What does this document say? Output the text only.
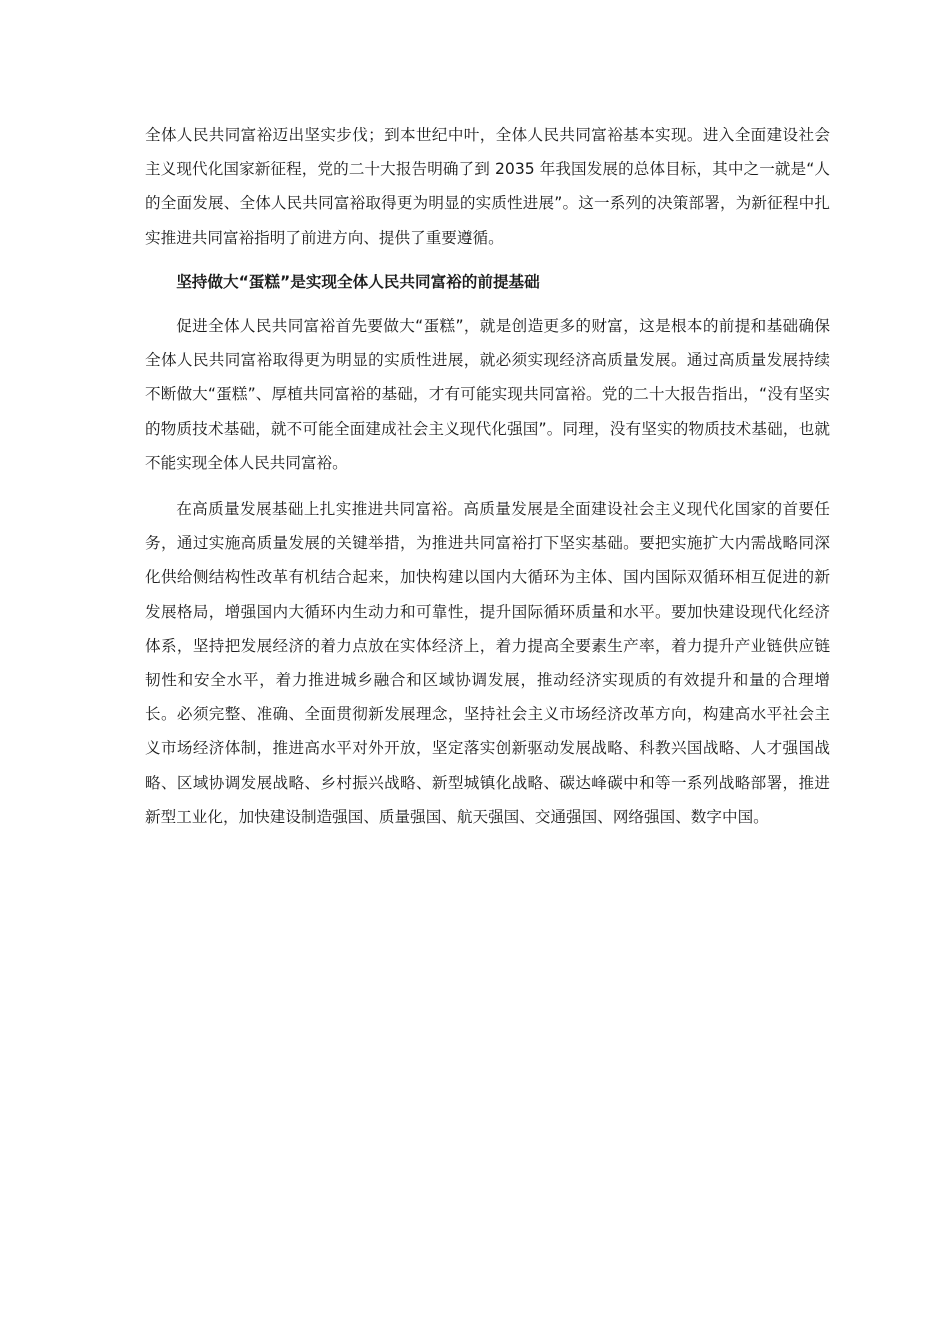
全体人民共同富裕迈出坚实步伐；到本世纪中叶，全体人民共同富裕基本实现。进入全面建设社会主义现代化国家新征程，党的二十大报告明确了到 2035 年我国发展的总体目标，其中之一就是“人的全面发展、全体人民共同富裕取得更为明显的实质性进展”。这一系列的决策部署，为新征程中扎实推进共同富裕指明了前进方向、提供了重要遵循。

坚持做大“蛋糕”是实现全体人民共同富裕的前提基础

促进全体人民共同富裕首先要做大“蛋糕”，就是创造更多的财富，这是根本的前提和基础确保全体人民共同富裕取得更为明显的实质性进展，就必须实现经济高质量发展。通过高质量发展持续不断做大“蛋糕”、厚植共同富裕的基础，才有可能实现共同富裕。党的二十大报告指出，“没有坚实的物质技术基础，就不可能全面建成社会主义现代化强国”。同理，没有坚实的物质技术基础，也就不能实现全体人民共同富裕。

在高质量发展基础上扎实推进共同富裕。高质量发展是全面建设社会主义现代化国家的首要任务，通过实施高质量发展的关键举措，为推进共同富裕打下坚实基础。要把实施扩大内需战略同深化供给侧结构性改革有机结合起来，加快构建以国内大循环为主体、国内国际双循环相互促进的新发展格局，增强国内大循环内生动力和可靠性，提升国际循环质量和水平。要加快建设现代化经济体系，坚持把发展经济的着力点放在实体经济上，着力提高全要素生产率，着力提升产业链供应链韧性和安全水平，着力推进城乡融合和区域协调发展，推动经济实现质的有效提升和量的合理增长。必须完整、准确、全面贯彻新发展理念，坚持社会主义市场经济改革方向，构建高水平社会主义市场经济体制，推进高水平对外开放，坚定落实创新驱动发展战略、科教兴国战略、人才强国战略、区域协调发展战略、乡村振兴战略、新型城镇化战略、碳达峰碳中和等一系列战略部署，推进新型工业化，加快建设制造强国、质量强国、航天强国、交通强国、网络强国、数字中国。
